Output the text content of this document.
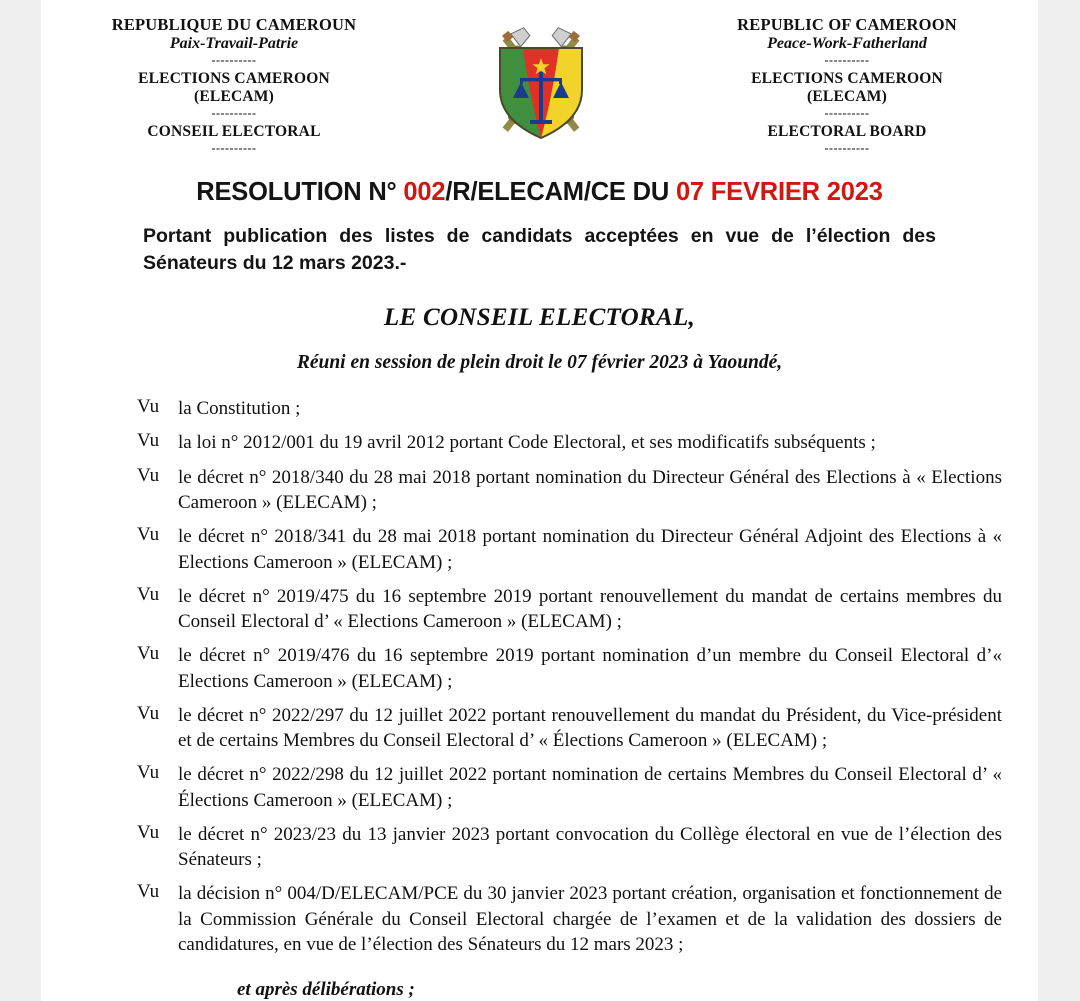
REPUBLIQUE DU CAMEROUN
Paix-Travail-Patrie
----------
ELECTIONS CAMEROON
(ELECAM)
----------
CONSEIL ELECTORAL
----------
REPUBLIC OF CAMEROON
Peace-Work-Fatherland
----------
ELECTIONS CAMEROON
(ELECAM)
----------
ELECTORAL BOARD
----------
RESOLUTION N° 002/R/ELECAM/CE DU 07 FEVRIER 2023
Portant publication des listes de candidats acceptées en vue de l’élection des Sénateurs du 12 mars 2023.-
LE CONSEIL ELECTORAL,
Réuni en session de plein droit le 07 février 2023 à Yaoundé,
Vu la Constitution ;
Vu la loi n° 2012/001 du 19 avril 2012 portant Code Electoral, et ses modificatifs subséquents ;
Vu le décret n° 2018/340 du 28 mai 2018 portant nomination du Directeur Général des Elections à « Elections Cameroon » (ELECAM) ;
Vu le décret n° 2018/341 du 28 mai 2018 portant nomination du Directeur Général Adjoint des Elections à « Elections Cameroon » (ELECAM) ;
Vu le décret n° 2019/475 du 16 septembre 2019 portant renouvellement du mandat de certains membres du Conseil Electoral d’ « Elections Cameroon » (ELECAM) ;
Vu le décret n° 2019/476 du 16 septembre 2019 portant nomination d’un membre du Conseil Electoral d’« Elections Cameroon » (ELECAM) ;
Vu le décret n° 2022/297 du 12 juillet 2022 portant renouvellement du mandat du Président, du Vice-président et de certains Membres du Conseil Electoral d’ « Élections Cameroon » (ELECAM) ;
Vu le décret n° 2022/298 du 12 juillet 2022 portant nomination de certains Membres du Conseil Electoral d’ « Élections Cameroon » (ELECAM) ;
Vu le décret n° 2023/23 du 13 janvier 2023 portant convocation du Collège électoral en vue de l’élection des Sénateurs ;
Vu la décision n° 004/D/ELECAM/PCE du 30 janvier 2023 portant création, organisation et fonctionnement de la Commission Générale du Conseil Electoral chargée de l’examen et de la validation des dossiers de candidatures, en vue de l’élection des Sénateurs du 12 mars 2023 ;
et après délibérations ;
